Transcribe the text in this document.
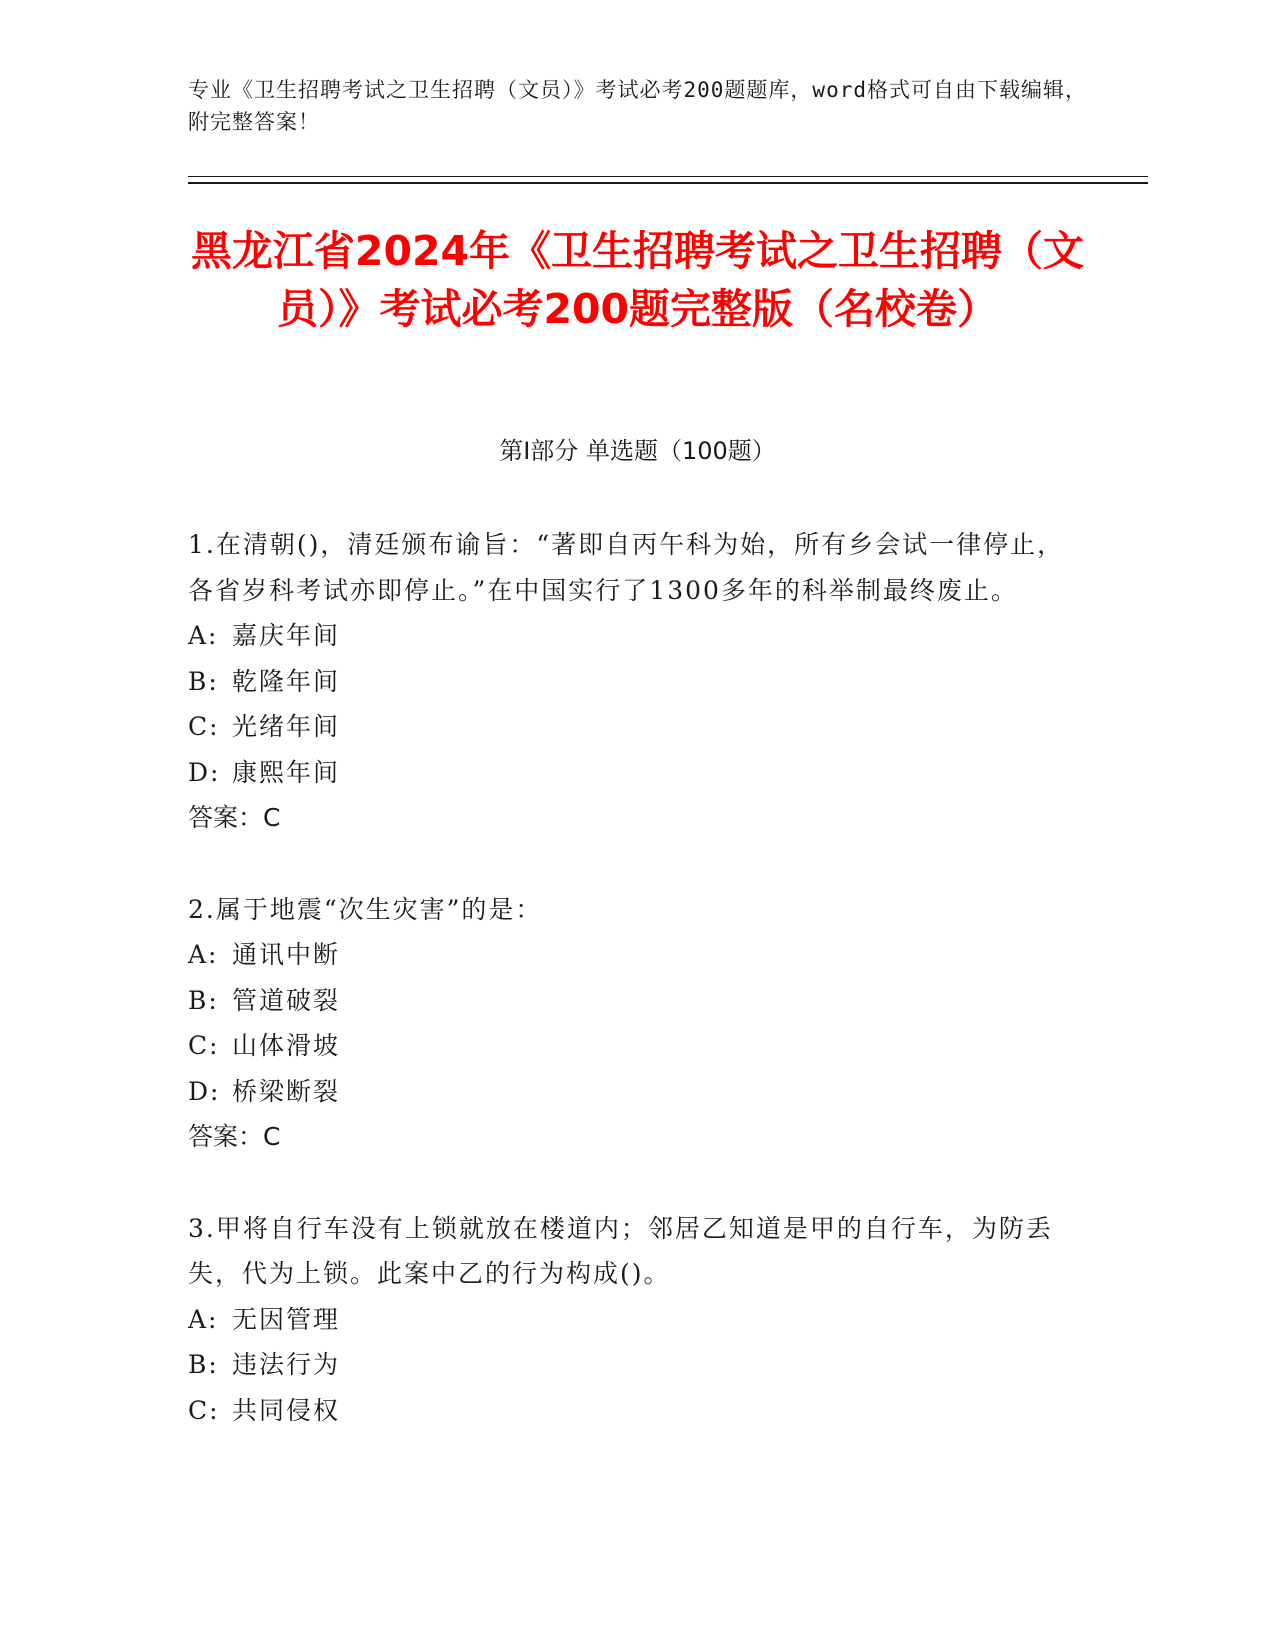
专业《卫生招聘考试之卫生招聘（文员）》考试必考200题题库，word格式可自由下载编辑，附完整答案！
黑龙江省2024年《卫生招聘考试之卫生招聘（文员）》考试必考200题完整版（名校卷）
第Ⅰ部分 单选题（100题）

1.在清朝()，清廷颁布谕旨：“著即自丙午科为始，所有乡会试一律停止，各省岁科考试亦即停止。”在中国实行了1300多年的科举制最终废止。

A: 嘉庆年间

B: 乾隆年间

C: 光绪年间

D: 康熙年间

答案：C

2.属于地震“次生灾害”的是：

A: 通讯中断

B: 管道破裂

C: 山体滑坡

D: 桥梁断裂

答案：C

3.甲将自行车没有上锁就放在楼道内；邻居乙知道是甲的自行车，为防丢失，代为上锁。此案中乙的行为构成()。

A: 无因管理

B: 违法行为

C: 共同侵权
